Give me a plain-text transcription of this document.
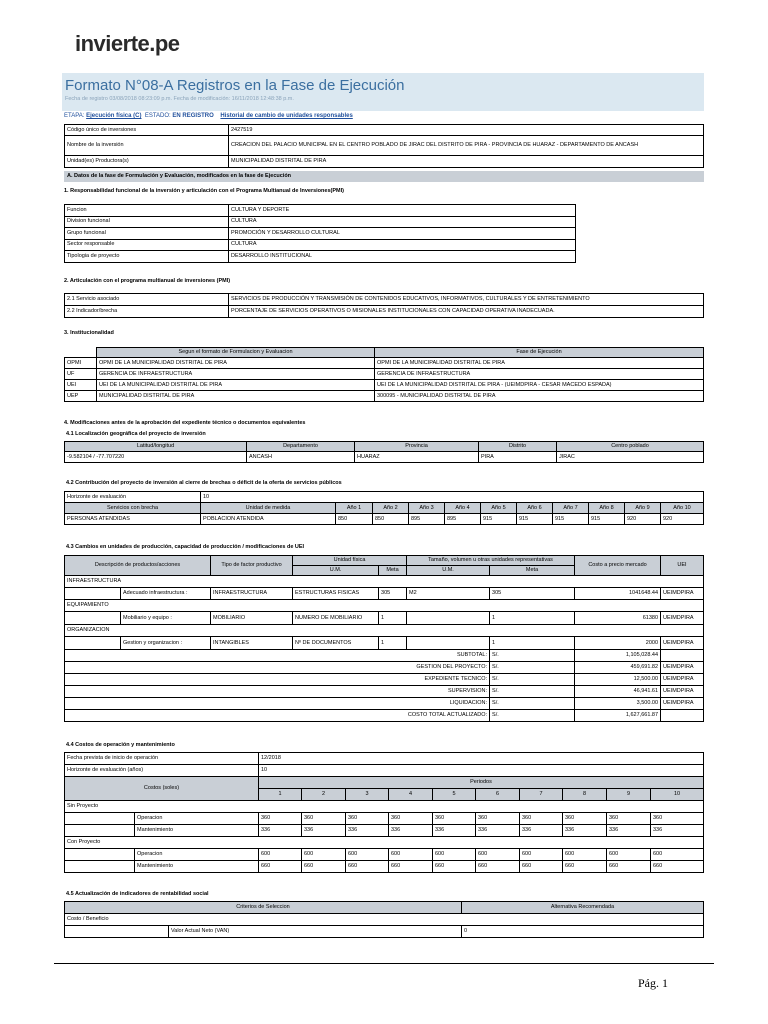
invierte.pe
Formato N°08-A Registros en la Fase de Ejecución
Fecha de registro 03/08/2018 08:23:09 p.m. Fecha de modificación: 16/11/2018 12:48:38 p.m.
ETAPA: Ejecución física (C) ESTADO: EN REGISTRO Historial de cambio de unidades responsables
Código único de inversiones	2427519
Nombre de la inversión	CREACION DEL PALACIO MUNICIPAL EN EL CENTRO POBLADO DE JIRAC DEL DISTRITO DE PIRA - PROVINCIA DE HUARAZ - DEPARTAMENTO DE ANCASH
Unidad(es) Productora(s)	MUNICIPALIDAD DISTRITAL DE PIRA
A. Datos de la fase de Formulación y Evaluación, modificados en la fase de Ejecución
1. Responsabilidad funcional de la inversión y articulación con el Programa Multianual de Inversiones(PMI)
Funcion	CULTURA Y DEPORTE
Division funcional	CULTURA
Grupo funcional	PROMOCIÓN Y DESARROLLO CULTURAL
Sector responsable	CULTURA
Tipologia de proyecto	DESARROLLO INSTITUCIONAL
2. Articulación con el programa multianual de inversiones (PMI)
2.1 Servicio asociado	SERVICIOS DE PRODUCCIÓN Y TRANSMISIÓN DE CONTENIDOS EDUCATIVOS, INFORMATIVOS, CULTURALES Y DE ENTRETENIMIENTO
2.2 Indicador/brecha	PORCENTAJE DE SERVICIOS OPERATIVOS O MISIONALES INSTITUCIONALES CON CAPACIDAD OPERATIVA INADECUADA.
3. Institucionalidad
	Segun el formato de Formulacion y Evaluacion	Fase de Ejecución
OPMI	OPMI DE LA MUNICIPALIDAD DISTRITAL DE PIRA	OPMI DE LA MUNICIPALIDAD DISTRITAL DE PIRA
UF	GERENCIA DE INFRAESTRUCTURA	GERENCIA DE INFRAESTRUCTURA
UEI	UEI DE LA MUNICIPALIDAD DISTRITAL DE PIRA	UEI DE LA MUNICIPALIDAD DISTRITAL DE PIRA - (UEIMDPIRA - CESAR MACEDO ESPADA)
UEP	MUNICIPALIDAD DISTRITAL DE PIRA	300095 - MUNICIPALIDAD DISTRITAL DE PIRA
4. Modificaciones antes de la aprobación del expediente técnico o documentos equivalentes
4.1 Localización geográfica del proyecto de inversión
Latitud/longitud	Departamento	Provincia	Distrito	Centro poblado
-9.582104 / -77.707220	ANCASH	HUARAZ	PIRA	JIRAC
4.2 Contribución del proyecto de inversión al cierre de brechas o déficit de la oferta de servicios públicos
Horizonte de evaluación	10										
Servicios con brecha	Unidad de medida	Año 1	Año 2	Año 3	Año 4	Año 5	Año 6	Año 7	Año 8	Año 9	Año 10
PERSONAS ATENDIDAS	POBLACION ATENDIDA	850	850	895	895	915	915	915	915	920	920
4.3 Cambios en unidades de producción, capacidad de producción / modificaciones de UEI
Descripción de productos/acciones		Tipo de factor productivo	Unidad física		Tamaño, volumen u otras unidades representativas		Costo a precio mercado	UEI
			U.M.	Meta	U.M.	Meta		
INFRAESTRUCTURA								
	Adecuado infraestructura :	INFRAESTRUCTURA	ESTRUCTURAS FISICAS	305	M2	305	1041648.44	UEIMDPIRA
EQUIPAMIENTO								
	Mobiliario y equipo :	MOBILIARIO	NUMERO DE MOBILIARIO	1		1	61380	UEIMDPIRA
ORGANIZACION								
	Gestion y organizacion :	INTANGIBLES	Nº DE DOCUMENTOS	1		1	2000	UEIMDPIRA
SUBTOTAL:						S/.	1,105,028.44	
GESTION DEL PROYECTO:						S/.	459,691.82	UEIMDPIRA
EXPEDIENTE TECNICO:						S/.	12,500.00	UEIMDPIRA
SUPERVISION:						S/.	46,941.61	UEIMDPIRA
LIQUIDACION:						S/.	3,500.00	UEIMDPIRA
COSTO TOTAL ACTUALIZADO:						S/.	1,627,661.87	
4.4 Costos de operación y mantenimiento
Fecha prevista de inicio de operación		12/2018									
Horizonte de evaluación (años)		10									
Costos (soles)		Periodos									
		1	2	3	4	5	6	7	8	9	10
Sin Proyecto											
	Operacion	360	360	360	360	360	360	360	360	360	360
	Mantenimiento	336	336	336	336	336	336	336	336	336	336
Con Proyecto											
	Operacion	600	600	600	600	600	600	600	600	600	600
	Mantenimiento	660	660	660	660	660	660	660	660	660	660
4.5 Actualización de indicadores de rentabilidad social
Criterios de Seleccion		Alternativa Recomendada
Costo / Beneficio		
	Valor Actual Neto (VAN)	0
Pág. 1
